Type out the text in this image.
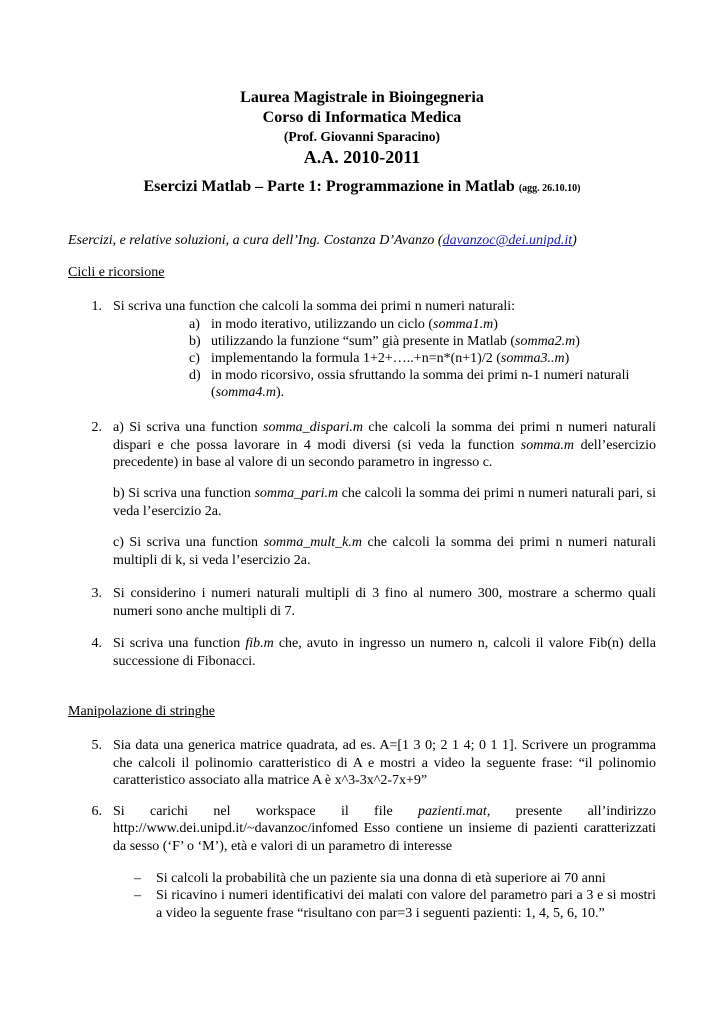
Laurea Magistrale in Bioingegneria
Corso di Informatica Medica
(Prof. Giovanni Sparacino)
A.A. 2010-2011
Esercizi Matlab – Parte 1: Programmazione in Matlab (agg. 26.10.10)
Esercizi, e relative soluzioni, a cura dell’Ing. Costanza D’Avanzo (davanzoc@dei.unipd.it)
Cicli e ricorsione
1. Si scriva una function che calcoli la somma dei primi n numeri naturali:
a) in modo iterativo, utilizzando un ciclo (somma1.m)
b) utilizzando la funzione “sum” già presente in Matlab (somma2.m)
c) implementando la formula 1+2+…..+n=n*(n+1)/2 (somma3..m)
d) in modo ricorsivo, ossia sfruttando la somma dei primi n-1 numeri naturali
(somma4.m).
2. a) Si scriva una function somma_dispari.m che calcoli la somma dei primi n numeri naturali dispari e che possa lavorare in 4 modi diversi (si veda la function somma.m dell’esercizio precedente) in base al valore di un secondo parametro in ingresso c.
b) Si scriva una function somma_pari.m che calcoli la somma dei primi n numeri naturali pari, si veda l’esercizio 2a.
c) Si scriva una function somma_mult_k.m che calcoli la somma dei primi n numeri naturali multipli di k, si veda l’esercizio 2a.
3. Si considerino i numeri naturali multipli di 3 fino al numero 300, mostrare a schermo quali numeri sono anche multipli di 7.
4. Si scriva una function fib.m che, avuto in ingresso un numero n, calcoli il valore Fib(n) della successione di Fibonacci.
Manipolazione di stringhe
5. Sia data una generica matrice quadrata, ad es. A=[1 3 0; 2 1 4; 0 1 1]. Scrivere un programma che calcoli il polinomio caratteristico di A e mostri a video la seguente frase: “il polinomio caratteristico associato alla matrice A è x^3-3x^2-7x+9”
6. Si carichi nel workspace il file pazienti.mat, presente all’indirizzo
http://www.dei.unipd.it/~davanzoc/infomed Esso contiene un insieme di pazienti caratterizzati da sesso (‘F’ o ‘M’), età e valori di un parametro di interesse
– Si calcoli la probabilità che un paziente sia una donna di età superiore ai 70 anni
– Si ricavino i numeri identificativi dei malati con valore del parametro pari a 3 e si mostri a video la seguente frase “risultano con par=3 i seguenti pazienti: 1, 4, 5, 6, 10.”
